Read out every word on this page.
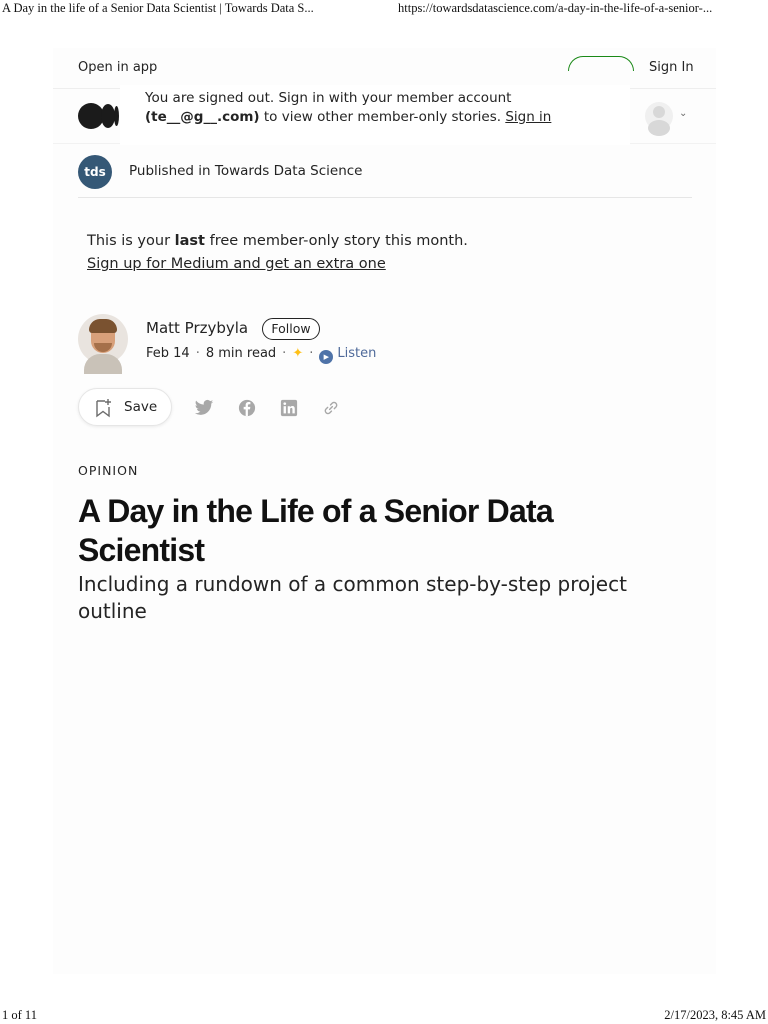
A Day in the life of a Senior Data Scientist | Towards Data S...	https://towardsdatascience.com/a-day-in-the-life-of-a-senior-...
Open in app	Sign In
You are signed out. Sign in with your member account
(te__@g__.com) to view other member-only stories. Sign in	⌄
tds	Published in Towards Data Science
This is your last free member-only story this month.
Sign up for Medium and get an extra one
Matt Przybyla	Follow
Feb 14 · 8 min read · ✦ · ▶ Listen
Save
OPINION
A Day in the Life of a Senior Data Scientist
Including a rundown of a common step-by-step project outline
1 of 11	2/17/2023, 8:45 AM
